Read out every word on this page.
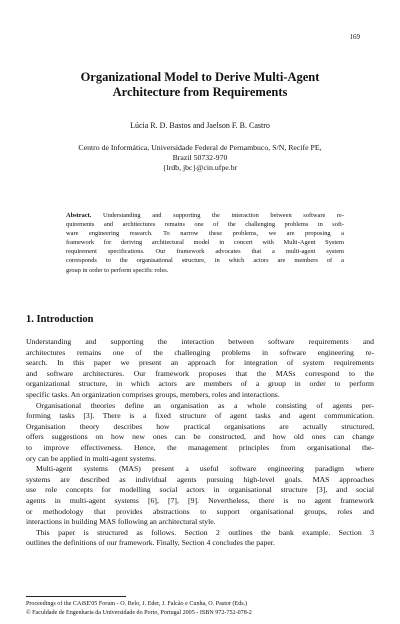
169
Organizational Model to Derive Multi-Agent
Architecture from Requirements
Lúcia R. D. Bastos and Jaelson F. B. Castro
Centro de Informática, Universidade Federal de Pernambuco, S/N, Recife PE,
Brazil 50732-970
{lrdb, jbc}@cin.ufpe.br
Abstract. Understanding and supporting the interaction between software re-
quirements and architectures remains one of the challenging problems in soft-
ware engineering research. To narrow these problems, we are proposing a
framework for deriving architectural model in concert with Multi-Agent System
requirement specifications. Our framework advocates that a multi-agent system
corresponds to the organisational structure, in which actors are members of a
group in order to perform specific roles.
1. Introduction
Understanding and supporting the interaction between software requirements and
architectures remains one of the challenging problems in software engineering re-
search. In this paper we present an approach for integration of system requirements
and software architectures. Our framework proposes that the MASs correspond to the
organizational structure, in which actors are members of a group in order to perform
specific tasks. An organization comprises groups, members, roles and interactions.
Organisational theories define an organisation as a whole consisting of agents per-
forming tasks [3]. There is a fixed structure of agent tasks and agent communication.
Organisation theory describes how practical organisations are actually structured,
offers suggestions on how new ones can be constructed, and how old ones can change
to improve effectiveness. Hence, the management principles from organisational the-
ory can be applied in multi-agent systems.
Multi-agent systems (MAS) present a useful software engineering paradigm where
systems are described as individual agents pursuing high-level goals. MAS approaches
use role concepts for modelling social actors in organisational structure [3], and social
agents in multi-agent systems [6], [7], [9]. Nevertheless, there is no agent framework
or methodology that provides abstractions to support organisational groups, roles and
interactions in building MAS following an architectural style.
This paper is structured as follows. Section 2 outlines the bank example. Section 3
outlines the definitions of our framework. Finally, Section 4 concludes the paper.
Proceedings of the CAiSE'05 Forum - O. Belo, J. Eder, J. Falcão e Cunha, O. Pastor (Eds.)
© Faculdade de Engenharia da Universidade do Porto, Portugal 2005 - ISBN 972-752-078-2
